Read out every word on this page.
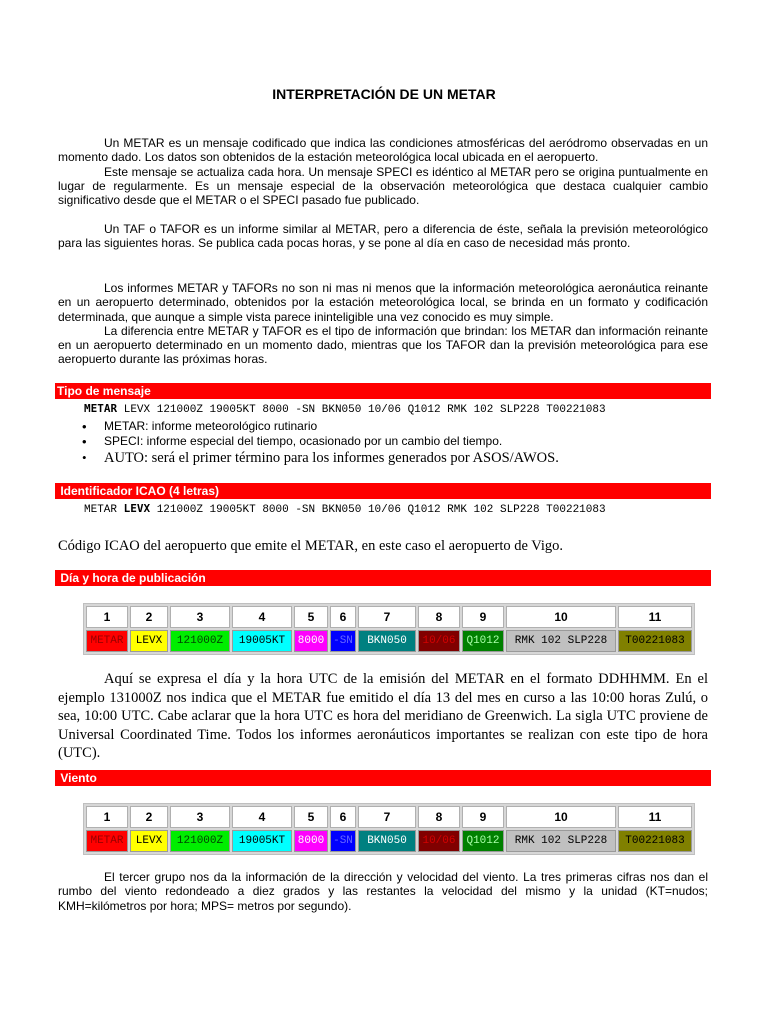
INTERPRETACIÓN DE UN METAR

Un METAR es un mensaje codificado que indica las condiciones atmosféricas del aeródromo observadas en un momento dado. Los datos son obtenidos de la estación meteorológica local ubicada en el aeropuerto.

Este mensaje se actualiza cada hora. Un mensaje SPECI es idéntico al METAR pero se origina puntualmente en lugar de regularmente. Es un mensaje especial de la observación meteorológica que destaca cualquier cambio significativo desde que el METAR o el SPECI pasado fue publicado.

Un TAF o TAFOR es un informe similar al METAR, pero a diferencia de éste, señala la previsión meteorológico para las siguientes horas. Se publica cada pocas horas, y se pone al día en caso de necesidad más pronto.

Los informes METAR y TAFORs no son ni mas ni menos que la información meteorológica aeronáutica reinante en un aeropuerto determinado, obtenidos por la estación meteorológica local, se brinda en un formato y codificación determinada, que aunque a simple vista parece ininteligible una vez conocido es muy simple.

La diferencia entre METAR y TAFOR es el tipo de información que brindan: los METAR dan información reinante en un aeropuerto determinado en un momento dado, mientras que los TAFOR dan la previsión meteorológica para ese aeropuerto durante las próximas horas.

Tipo de mensaje
METAR LEVX 121000Z 19005KT 8000 -SN BKN050 10/06 Q1012 RMK 102 SLP228 T00221083
• METAR: informe meteorológico rutinario
• SPECI: informe especial del tiempo, ocasionado por un cambio del tiempo.
• AUTO: será el primer término para los informes generados por ASOS/AWOS.
Identificador ICAO (4 letras)
METAR LEVX 121000Z 19005KT 8000 -SN BKN050 10/06 Q1012 RMK 102 SLP228 T00221083
Código ICAO del aeropuerto que emite el METAR, en este caso el aeropuerto de Vigo.
Día y hora de publicación
1	2	3	4	5	6	7	8	9	10	11
METAR	LEVX	121000Z	19005KT	8000	-SN	BKN050	10/06	Q1012	RMK 102 SLP228	T00221083

Aquí se expresa el día y la hora UTC de la emisión del METAR en el formato DDHHMM. En el ejemplo 131000Z nos indica que el METAR fue emitido el día 13 del mes en curso a las 10:00 horas Zulú, o sea, 10:00 UTC. Cabe aclarar que la hora UTC es hora del meridiano de Greenwich. La sigla UTC proviene de Universal Coordinated Time. Todos los informes aeronáuticos importantes se realizan con este tipo de hora (UTC).

Viento
1	2	3	4	5	6	7	8	9	10	11
METAR	LEVX	121000Z	19005KT	8000	-SN	BKN050	10/06	Q1012	RMK 102 SLP228	T00221083

El tercer grupo nos da la información de la dirección y velocidad del viento. La tres primeras cifras nos dan el rumbo del viento redondeado a diez grados y las restantes la velocidad del mismo y la unidad (KT=nudos; KMH=kilómetros por hora; MPS= metros por segundo).
